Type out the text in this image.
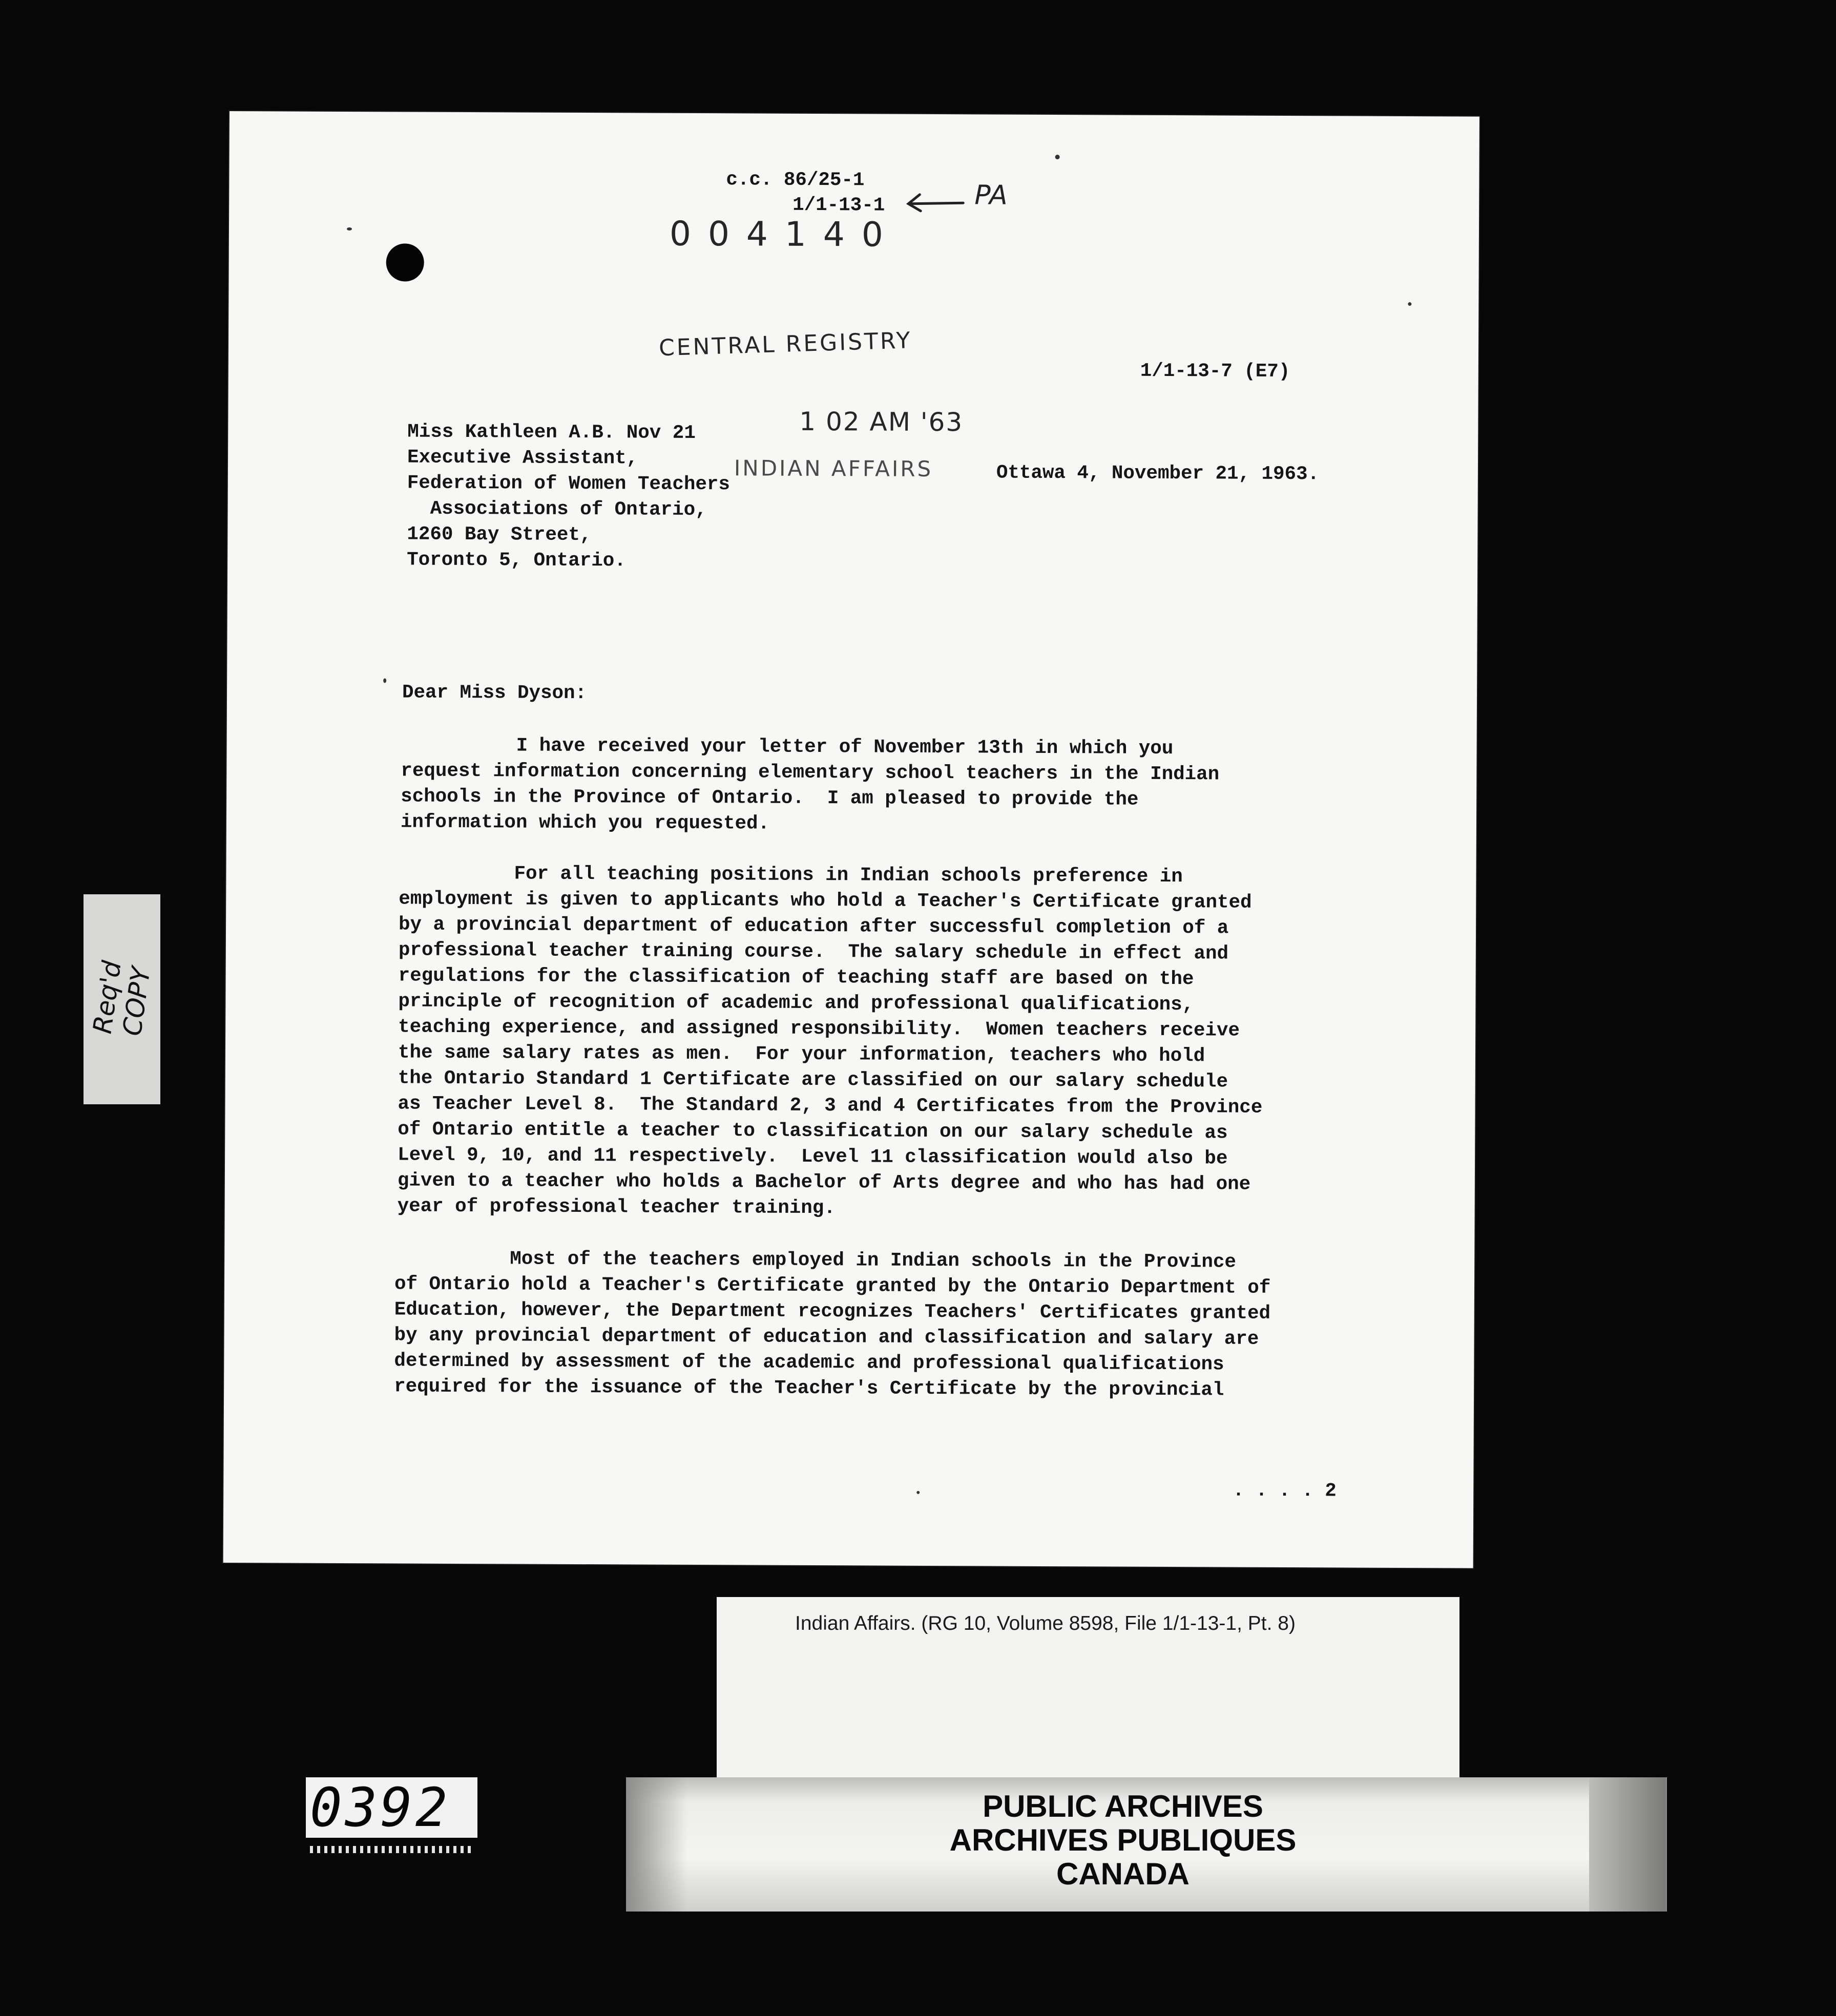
c.c. 86/25-1
1/1-13-1	PA
0 0 4 1 4 0
CENTRAL REGISTRY
1 02 AM '63
INDIAN AFFAIRS
1/1-13-7 (E7)
Ottawa 4, November 21, 1963.
Miss Kathleen A.B. Nov 21
Executive Assistant,
Federation of Women Teachers
Associations of Ontario,
1260 Bay Street,
Toronto 5, Ontario.
Dear Miss Dyson:
I have received your letter of November 13th in which you
request information concerning elementary school teachers in the Indian
schools in the Province of Ontario.  I am pleased to provide the
information which you requested.
For all teaching positions in Indian schools preference in
employment is given to applicants who hold a Teacher's Certificate granted
by a provincial department of education after successful completion of a
professional teacher training course.  The salary schedule in effect and
regulations for the classification of teaching staff are based on the
principle of recognition of academic and professional qualifications,
teaching experience, and assigned responsibility.  Women teachers receive
the same salary rates as men.  For your information, teachers who hold
the Ontario Standard 1 Certificate are classified on our salary schedule
as Teacher Level 8.  The Standard 2, 3 and 4 Certificates from the Province
of Ontario entitle a teacher to classification on our salary schedule as
Level 9, 10, and 11 respectively.  Level 11 classification would also be
given to a teacher who holds a Bachelor of Arts degree and who has had one
year of professional teacher training.
Most of the teachers employed in Indian schools in the Province
of Ontario hold a Teacher's Certificate granted by the Ontario Department of
Education, however, the Department recognizes Teachers' Certificates granted
by any provincial department of education and classification and salary are
determined by assessment of the academic and professional qualifications
required for the issuance of the Teacher's Certificate by the provincial
. . . . 2
Req'd
COPY
Indian Affairs. (RG 10, Volume 8598, File 1/1-13-1, Pt. 8)
0392	PUBLIC ARCHIVES
ARCHIVES PUBLIQUES
CANADA
